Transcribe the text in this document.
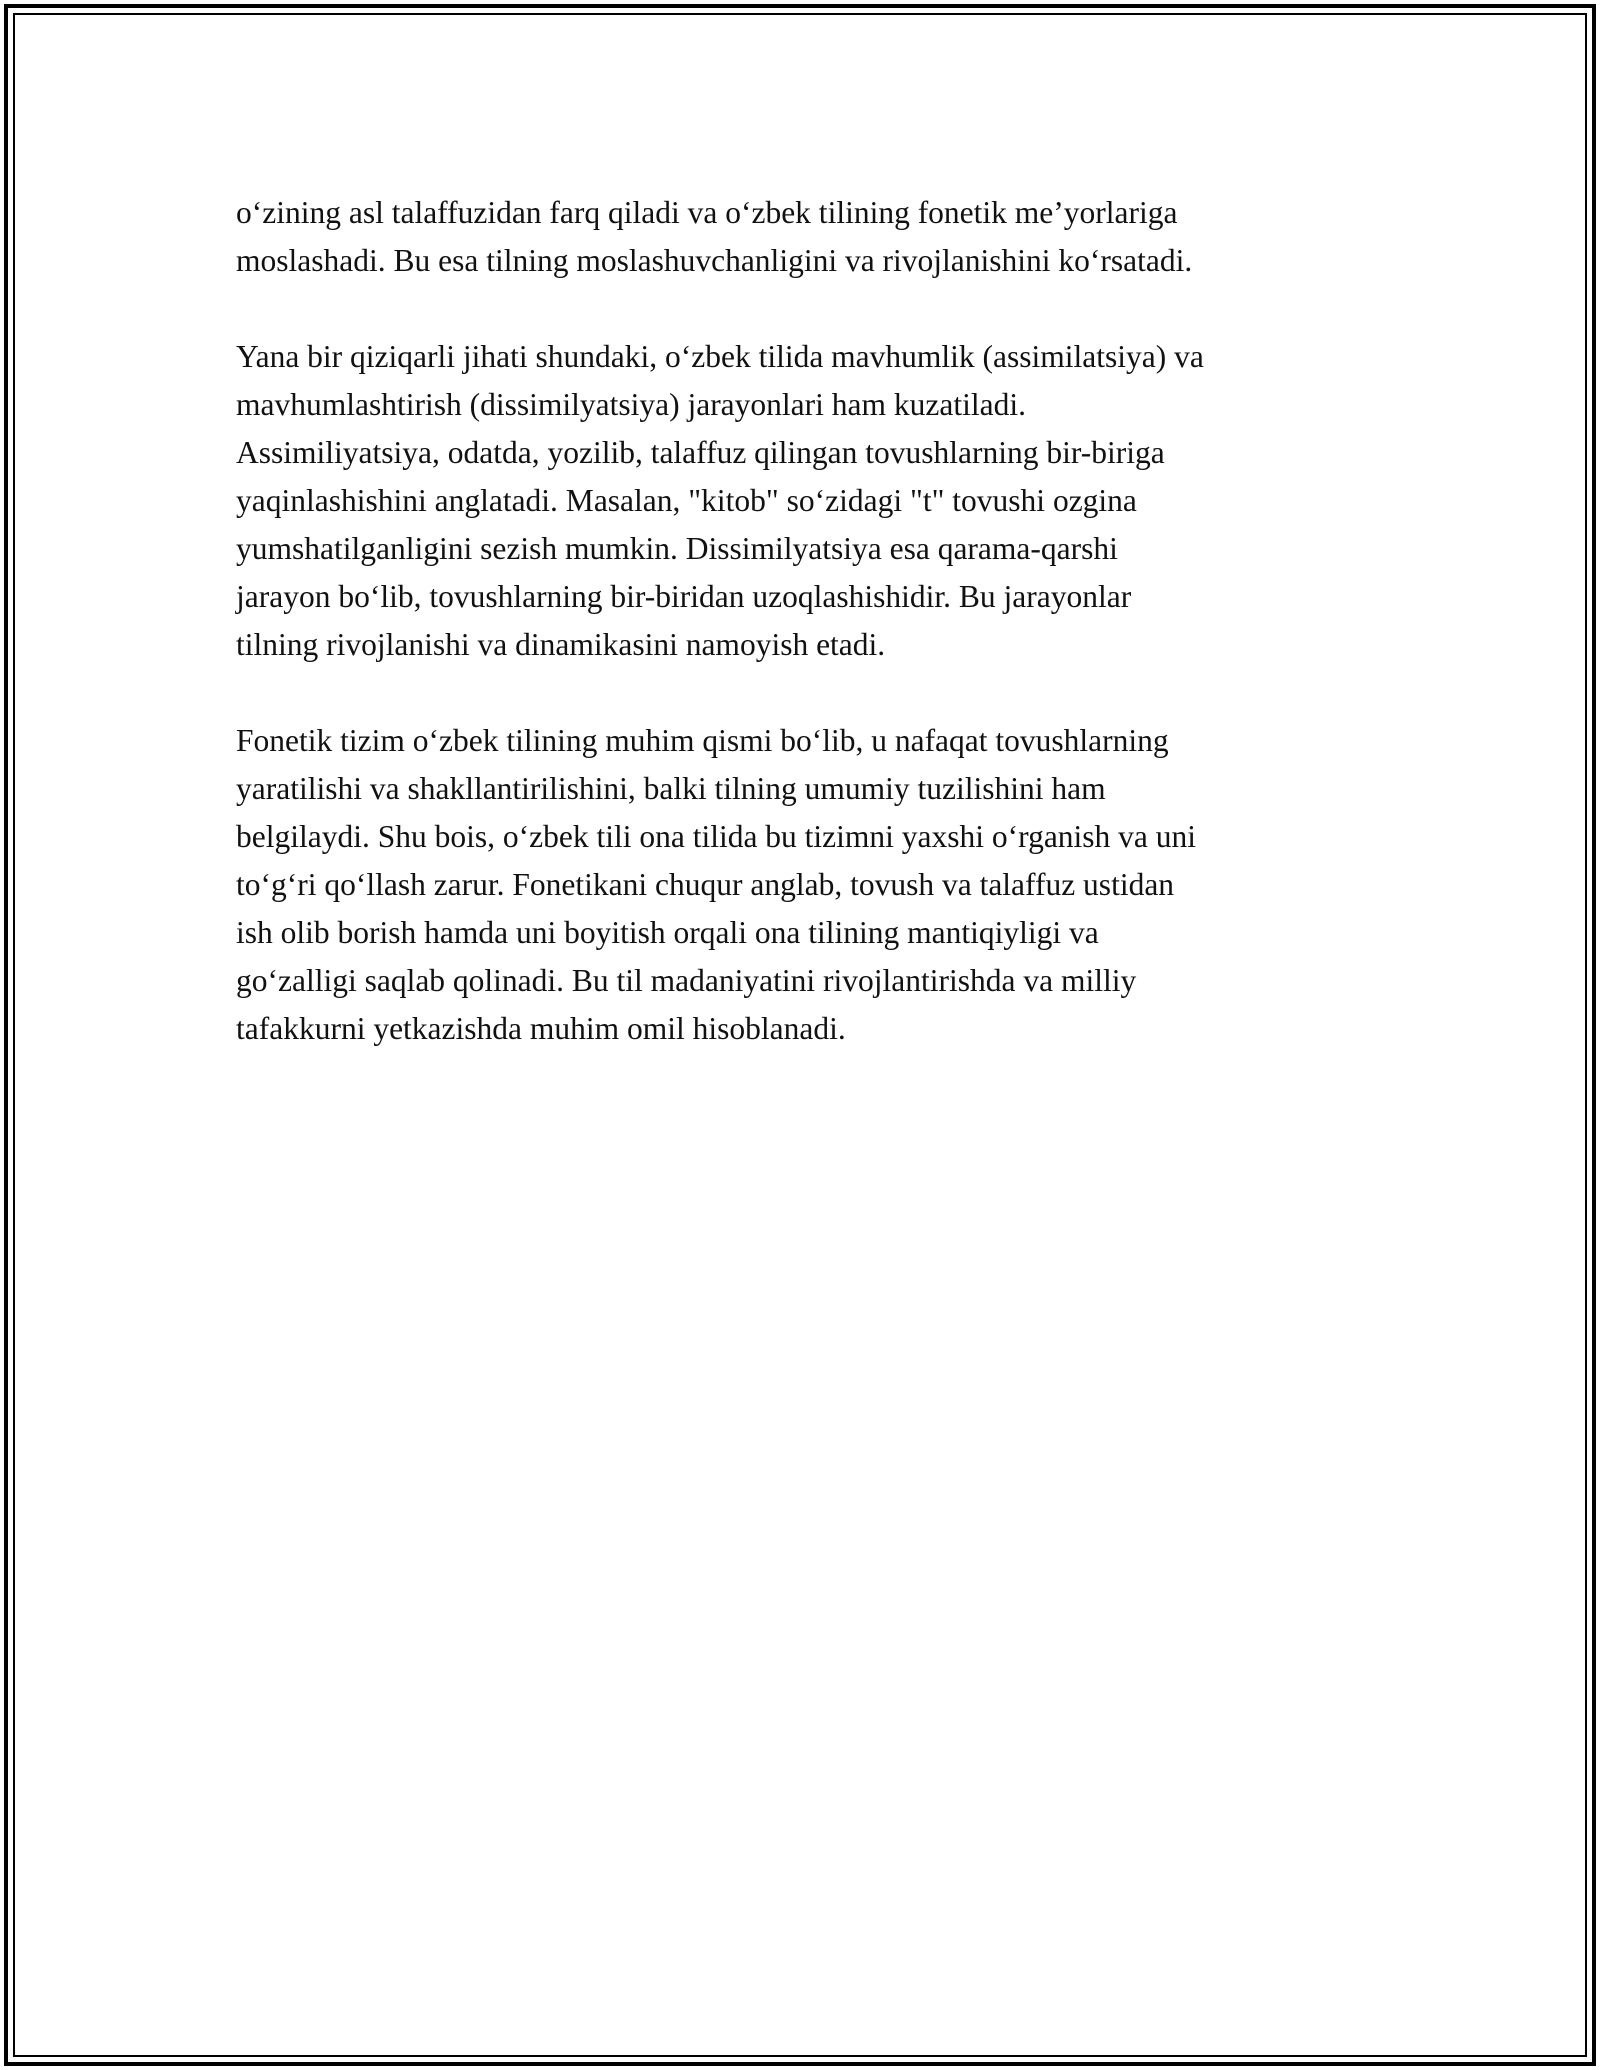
o‘zining asl talaffuzidan farq qiladi va o‘zbek tilining fonetik me’yorlariga
moslashadi. Bu esa tilning moslashuvchanligini va rivojlanishini ko‘rsatadi.

Yana bir qiziqarli jihati shundaki, o‘zbek tilida mavhumlik (assimilatsiya) va
mavhumlashtirish (dissimilyatsiya) jarayonlari ham kuzatiladi.
Assimiliyatsiya, odatda, yozilib, talaffuz qilingan tovushlarning bir-biriga
yaqinlashishini anglatadi. Masalan, "kitob" so‘zidagi "t" tovushi ozgina
yumshatilganligini sezish mumkin. Dissimilyatsiya esa qarama-qarshi
jarayon bo‘lib, tovushlarning bir-biridan uzoqlashishidir. Bu jarayonlar
tilning rivojlanishi va dinamikasini namoyish etadi.

Fonetik tizim o‘zbek tilining muhim qismi bo‘lib, u nafaqat tovushlarning
yaratilishi va shakllantirilishini, balki tilning umumiy tuzilishini ham
belgilaydi. Shu bois, o‘zbek tili ona tilida bu tizimni yaxshi o‘rganish va uni
to‘g‘ri qo‘llash zarur. Fonetikani chuqur anglab, tovush va talaffuz ustidan
ish olib borish hamda uni boyitish orqali ona tilining mantiqiyligi va
go‘zalligi saqlab qolinadi. Bu til madaniyatini rivojlantirishda va milliy
tafakkurni yetkazishda muhim omil hisoblanadi.
